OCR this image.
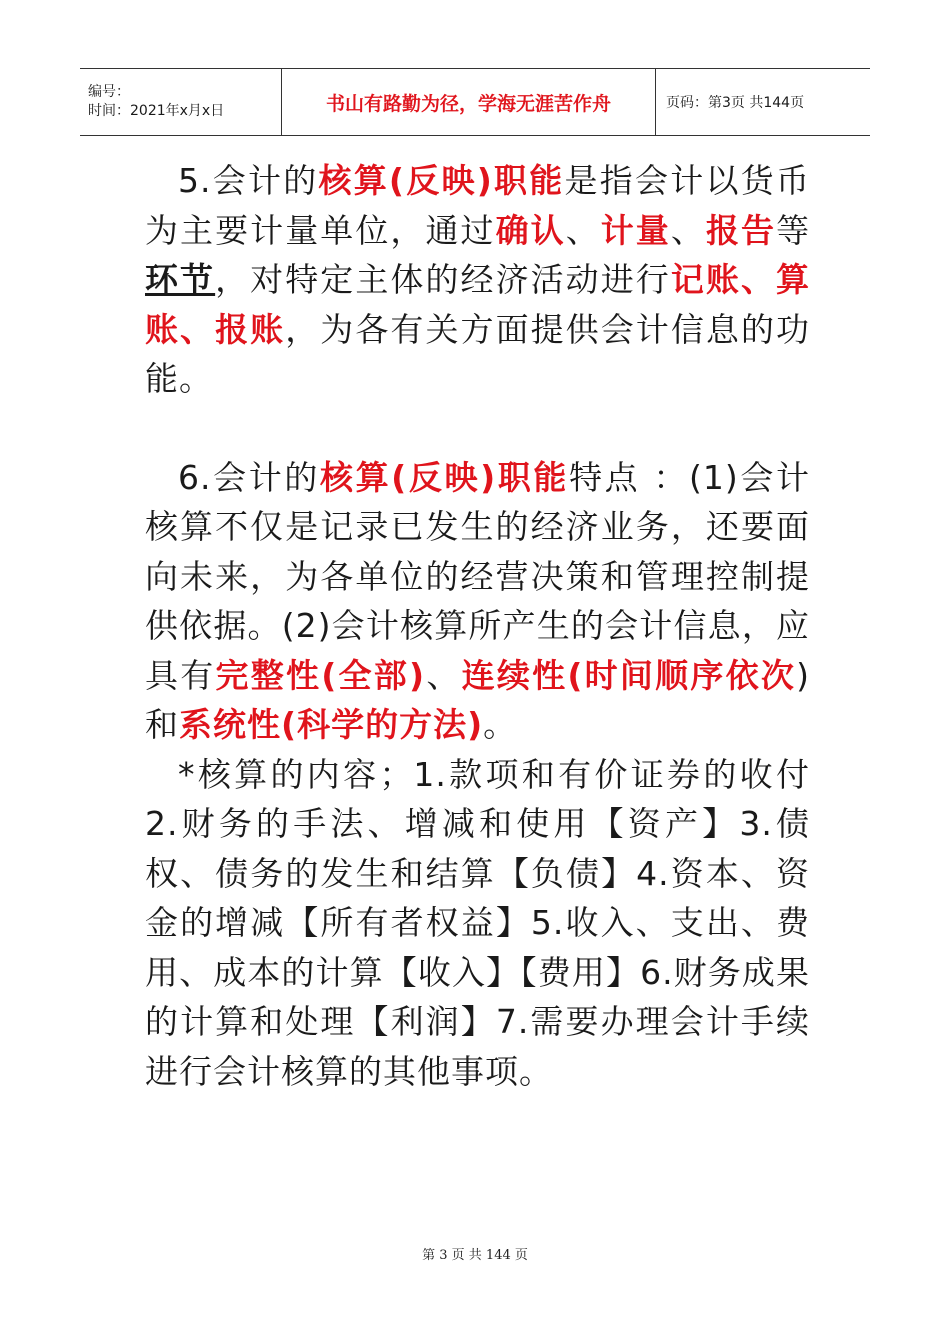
编号：
时间：2021年x月x日	书山有路勤为径，学海无涯苦作舟	页码：第3页 共144页

5.会计的核算(反映)职能是指会计以货币为主要计量单位，通过确认、计量、报告等环节，对特定主体的经济活动进行记账、算账、报账，为各有关方面提供会计信息的功能。

6.会计的核算(反映)职能特点 ：(1)会计核算不仅是记录已发生的经济业务，还要面向未来，为各单位的经营决策和管理控制提供依据。(2)会计核算所产生的会计信息，应具有完整性(全部)、连续性(时间顺序依次)和系统性(科学的方法)。

*核算的内容；1.款项和有价证券的收付 2.财务的手法、增减和使用【资产】3.债权、债务的发生和结算【负债】4.资本、资金的增减【所有者权益】5.收入、支出、费用、成本的计算【收入】【费用】6.财务成果的计算和处理【利润】7.需要办理会计手续进行会计核算的其他事项。

第 3 页 共 144 页
